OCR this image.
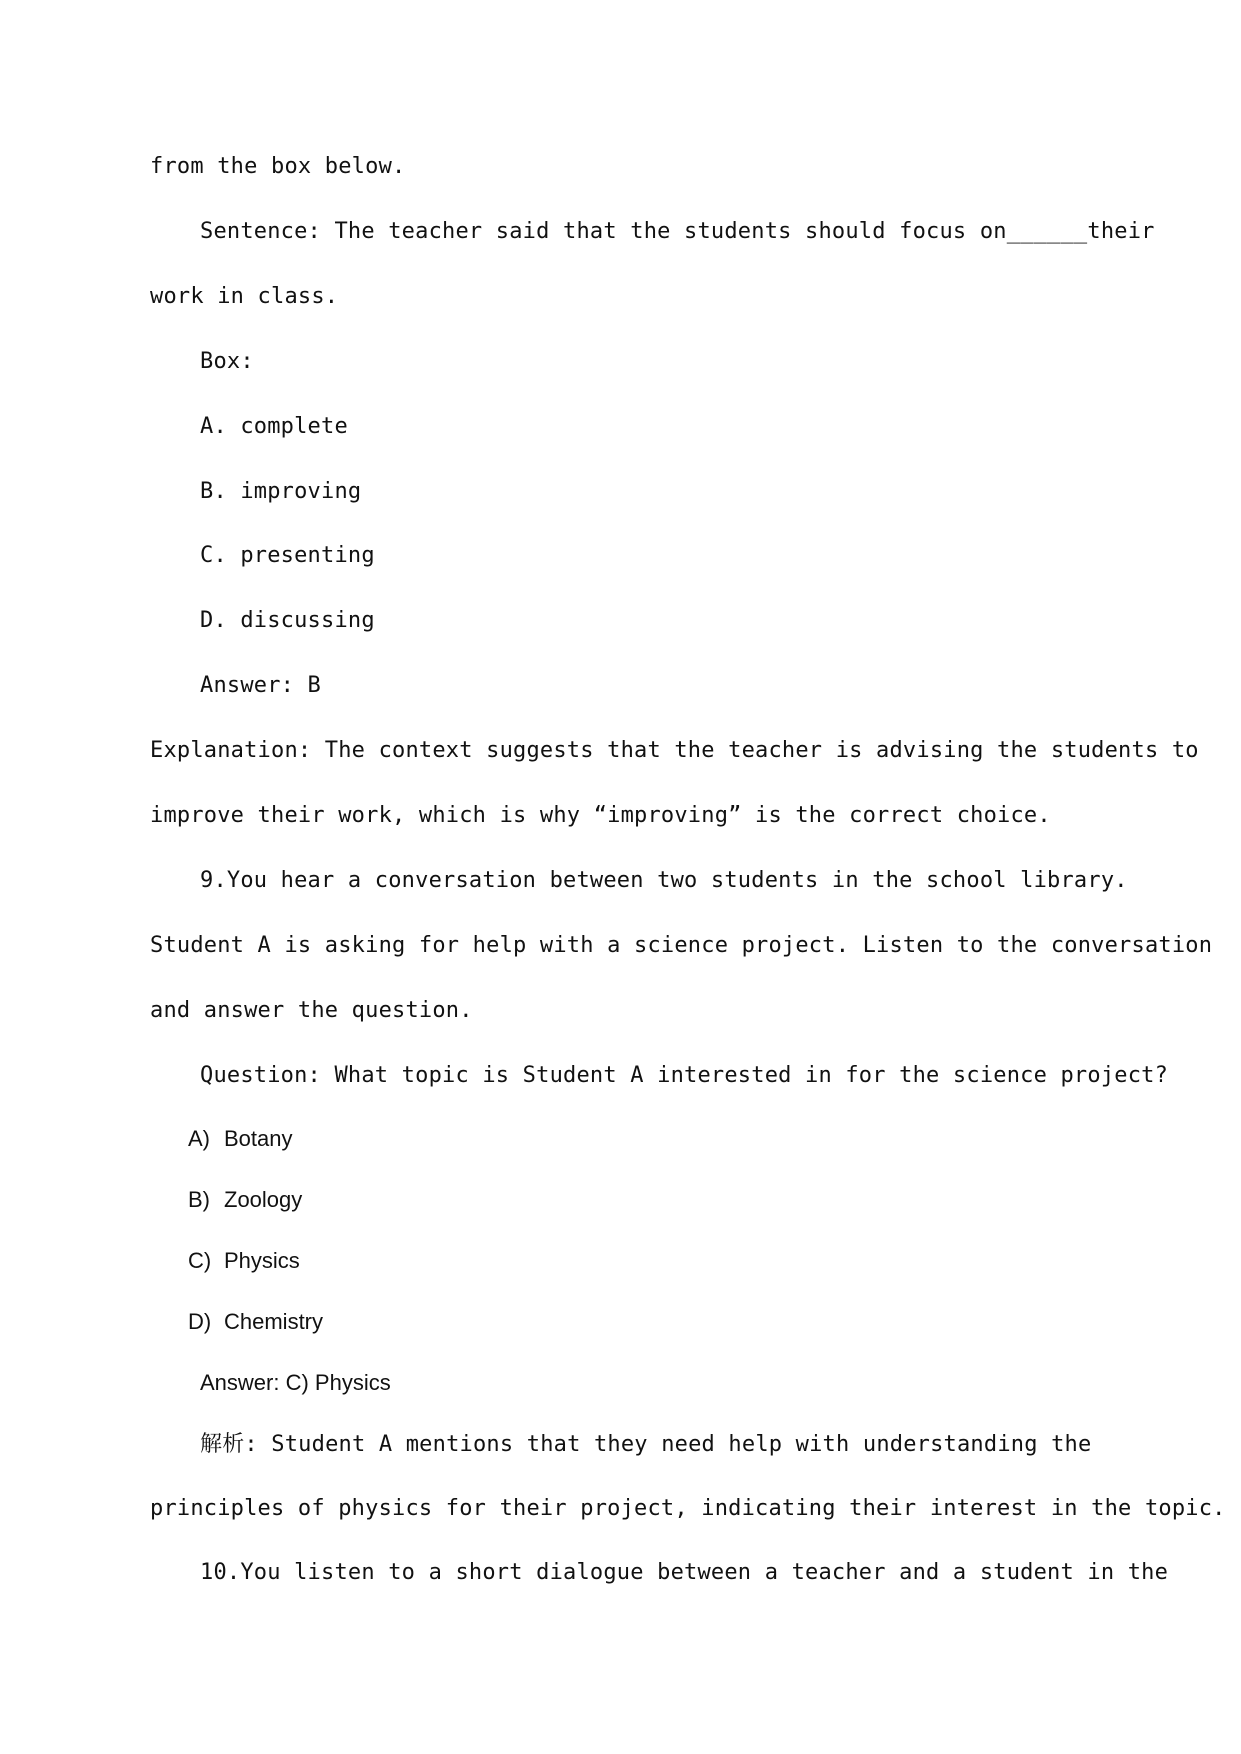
from the box below.
Sentence: The teacher said that the students should focus on______their
work in class.
Box:
A. complete
B. improving
C. presenting
D. discussing
Answer: B
Explanation: The context suggests that the teacher is advising the students to
improve their work, which is why “improving” is the correct choice.
9.You hear a conversation between two students in the school library.
Student A is asking for help with a science project. Listen to the conversation
and answer the question.
Question: What topic is Student A interested in for the science project?
A) Botany
B) Zoology
C) Physics
D) Chemistry
Answer: C) Physics
解析: Student A mentions that they need help with understanding the
principles of physics for their project, indicating their interest in the topic.
10.You listen to a short dialogue between a teacher and a student in the
